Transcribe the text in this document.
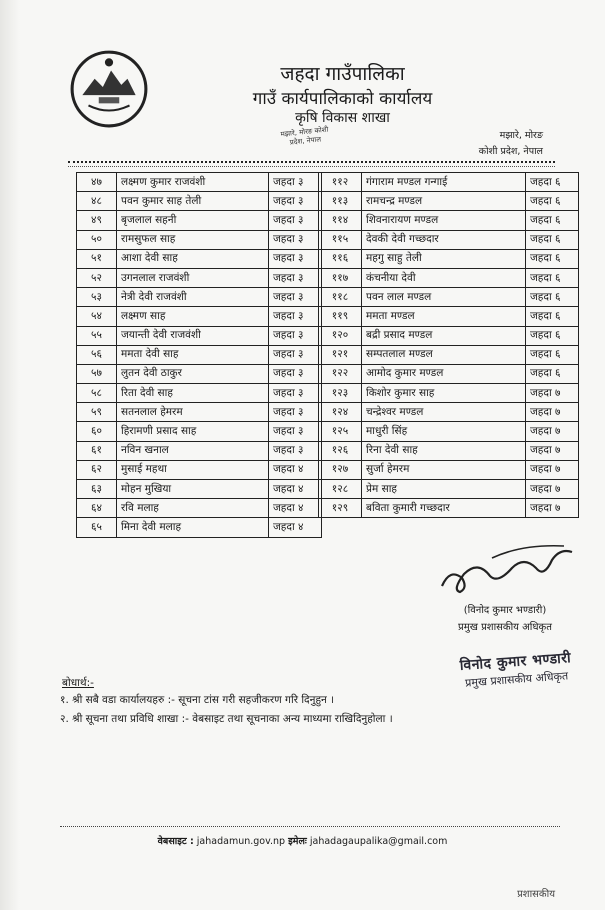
जहदा गाउँपालिका
गाउँ कार्यपालिकाको कार्यालय
कृषि विकास शाखा
मझारे, मोरङ कोशी प्रदेश, नेपाल	मझारे, मोरङ
कोशी प्रदेश, नेपाल
४७	लक्ष्मण कुमार राजवंशी	जहदा ३
४८	पवन कुमार साह तेली	जहदा ३
४९	बृजलाल सहनी	जहदा ३
५०	रामसुफल साह	जहदा ३
५१	आशा देवी साह	जहदा ३
५२	उगनलाल राजवंशी	जहदा ३
५३	नेत्री देवी राजवंशी	जहदा ३
५४	लक्ष्मण साह	जहदा ३
५५	जयान्ती देवी राजवंशी	जहदा ३
५६	ममता देवी साह	जहदा ३
५७	लुतन देवी ठाकुर	जहदा ३
५८	रिता देवी साह	जहदा ३
५९	सतनलाल हेमरम	जहदा ३
६०	हिरामणी प्रसाद साह	जहदा ३
६१	नविन खनाल	जहदा ३
६२	मुसाई महथा	जहदा ४
६३	मोहन मुखिया	जहदा ४
६४	रवि मलाह	जहदा ४
६५	मिना देवी मलाह	जहदा ४
११२	गंगाराम मण्डल गन्गाई	जहदा ६
११३	रामचन्द्र मण्डल	जहदा ६
११४	शिवनारायण मण्डल	जहदा ६
११५	देवकी देवी गच्छदार	जहदा ६
११६	महगु साहु तेली	जहदा ६
११७	कंचनीया देवी	जहदा ६
११८	पवन लाल मण्डल	जहदा ६
११९	ममता मण्डल	जहदा ६
१२०	बद्री प्रसाद मण्डल	जहदा ६
१२१	सम्पतलाल मण्डल	जहदा ६
१२२	आमोद कुमार मण्डल	जहदा ६
१२३	किशोर कुमार साह	जहदा ७
१२४	चन्द्रेश्वर मण्डल	जहदा ७
१२५	माधुरी सिंह	जहदा ७
१२६	रिना देवी साह	जहदा ७
१२७	सुर्जा हेमरम	जहदा ७
१२८	प्रेम साह	जहदा ७
१२९	बविता कुमारी गच्छदार	जहदा ७
(विनोद कुमार भण्डारी)
प्रमुख प्रशासकीय अधिकृत
विनोद कुमार भण्डारी
प्रमुख प्रशासकीय अधिकृत
बोधार्थ:-
१. श्री सबै वडा कार्यालयहरु :- सूचना टांस गरी सहजीकरण गरि दिनुहुन ।
२. श्री सूचना तथा प्रविधि शाखा :- वेबसाइट तथा सूचनाका अन्य माध्यमा राखिदिनुहोला ।
वेबसाइट : jahadamun.gov.np इमेलः jahadagaupalika@gmail.com
प्रशासकीय
